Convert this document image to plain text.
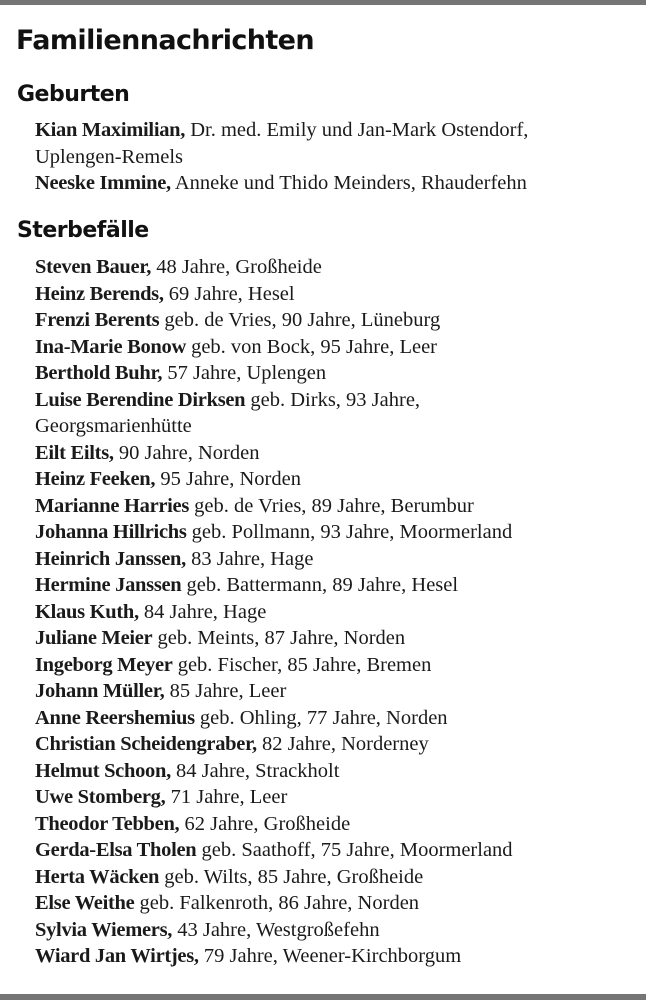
Familiennachrichten
Geburten
Kian Maximilian, Dr. med. Emily und Jan-Mark Ostendorf,
Uplengen-Remels
Neeske Immine, Anneke und Thido Meinders, Rhauderfehn
Sterbefälle
Steven Bauer, 48 Jahre, Großheide
Heinz Berends, 69 Jahre, Hesel
Frenzi Berents geb. de Vries, 90 Jahre, Lüneburg
Ina-Marie Bonow geb. von Bock, 95 Jahre, Leer
Berthold Buhr, 57 Jahre, Uplengen
Luise Berendine Dirksen geb. Dirks, 93 Jahre,
Georgsmarienhütte
Eilt Eilts, 90 Jahre, Norden
Heinz Feeken, 95 Jahre, Norden
Marianne Harries geb. de Vries, 89 Jahre, Berumbur
Johanna Hillrichs geb. Pollmann, 93 Jahre, Moormerland
Heinrich Janssen, 83 Jahre, Hage
Hermine Janssen geb. Battermann, 89 Jahre, Hesel
Klaus Kuth, 84 Jahre, Hage
Juliane Meier geb. Meints, 87 Jahre, Norden
Ingeborg Meyer geb. Fischer, 85 Jahre, Bremen
Johann Müller, 85 Jahre, Leer
Anne Reershemius geb. Ohling, 77 Jahre, Norden
Christian Scheidengraber, 82 Jahre, Norderney
Helmut Schoon, 84 Jahre, Strackholt
Uwe Stomberg, 71 Jahre, Leer
Theodor Tebben, 62 Jahre, Großheide
Gerda-Elsa Tholen geb. Saathoff, 75 Jahre, Moormerland
Herta Wäcken geb. Wilts, 85 Jahre, Großheide
Else Weithe geb. Falkenroth, 86 Jahre, Norden
Sylvia Wiemers, 43 Jahre, Westgroßefehn
Wiard Jan Wirtjes, 79 Jahre, Weener-Kirchborgum
